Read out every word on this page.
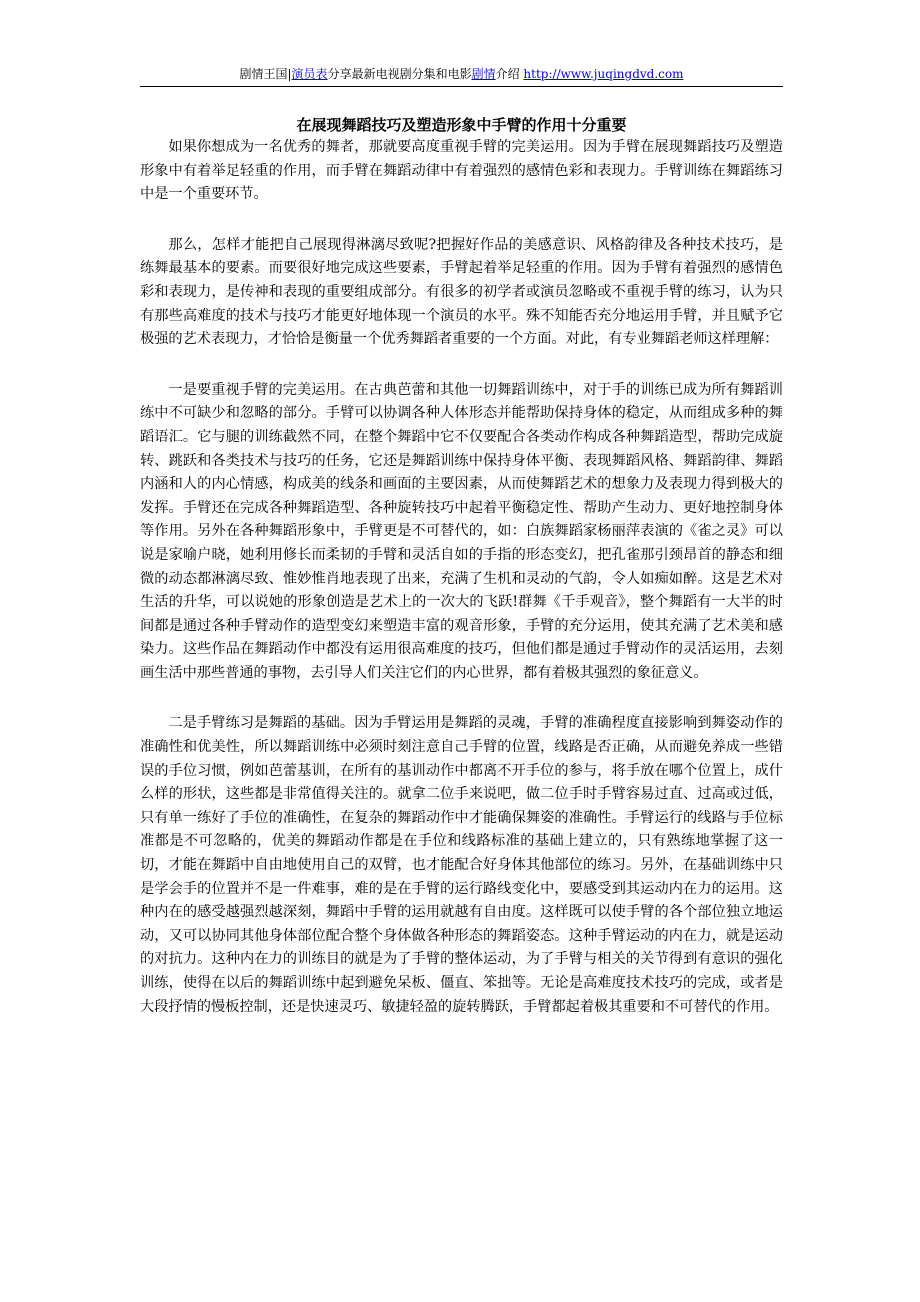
剧情王国|演员表分享最新电视剧分集和电影剧情介绍 http://www.juqingdvd.com
在展现舞蹈技巧及塑造形象中手臂的作用十分重要

如果你想成为一名优秀的舞者，那就要高度重视手臂的完美运用。因为手臂在展现舞蹈技巧及塑造形象中有着举足轻重的作用，而手臂在舞蹈动律中有着强烈的感情色彩和表现力。手臂训练在舞蹈练习中是一个重要环节。

那么，怎样才能把自己展现得淋漓尽致呢?把握好作品的美感意识、风格韵律及各种技术技巧，是练舞最基本的要素。而要很好地完成这些要素，手臂起着举足轻重的作用。因为手臂有着强烈的感情色彩和表现力，是传神和表现的重要组成部分。有很多的初学者或演员忽略或不重视手臂的练习，认为只有那些高难度的技术与技巧才能更好地体现一个演员的水平。殊不知能否充分地运用手臂，并且赋予它极强的艺术表现力，才恰恰是衡量一个优秀舞蹈者重要的一个方面。对此，有专业舞蹈老师这样理解：

一是要重视手臂的完美运用。在古典芭蕾和其他一切舞蹈训练中，对于手的训练已成为所有舞蹈训练中不可缺少和忽略的部分。手臂可以协调各种人体形态并能帮助保持身体的稳定，从而组成多种的舞蹈语汇。它与腿的训练截然不同，在整个舞蹈中它不仅要配合各类动作构成各种舞蹈造型，帮助完成旋转、跳跃和各类技术与技巧的任务，它还是舞蹈训练中保持身体平衡、表现舞蹈风格、舞蹈韵律、舞蹈内涵和人的内心情感，构成美的线条和画面的主要因素，从而使舞蹈艺术的想象力及表现力得到极大的发挥。手臂还在完成各种舞蹈造型、各种旋转技巧中起着平衡稳定性、帮助产生动力、更好地控制身体等作用。另外在各种舞蹈形象中，手臂更是不可替代的，如：白族舞蹈家杨丽萍表演的《雀之灵》可以说是家喻户晓，她利用修长而柔韧的手臂和灵活自如的手指的形态变幻，把孔雀那引颈昂首的静态和细微的动态都淋漓尽致、惟妙惟肖地表现了出来，充满了生机和灵动的气韵，令人如痴如醉。这是艺术对生活的升华，可以说她的形象创造是艺术上的一次大的飞跃!群舞《千手观音》，整个舞蹈有一大半的时间都是通过各种手臂动作的造型变幻来塑造丰富的观音形象，手臂的充分运用，使其充满了艺术美和感染力。这些作品在舞蹈动作中都没有运用很高难度的技巧，但他们都是通过手臂动作的灵活运用，去刻画生活中那些普通的事物，去引导人们关注它们的内心世界，都有着极其强烈的象征意义。

二是手臂练习是舞蹈的基础。因为手臂运用是舞蹈的灵魂，手臂的准确程度直接影响到舞姿动作的准确性和优美性，所以舞蹈训练中必须时刻注意自己手臂的位置，线路是否正确，从而避免养成一些错误的手位习惯，例如芭蕾基训，在所有的基训动作中都离不开手位的参与，将手放在哪个位置上，成什么样的形状，这些都是非常值得关注的。就拿二位手来说吧，做二位手时手臂容易过直、过高或过低，只有单一练好了手位的准确性，在复杂的舞蹈动作中才能确保舞姿的准确性。手臂运行的线路与手位标准都是不可忽略的，优美的舞蹈动作都是在手位和线路标准的基础上建立的，只有熟练地掌握了这一切，才能在舞蹈中自由地使用自己的双臂，也才能配合好身体其他部位的练习。另外，在基础训练中只是学会手的位置并不是一件难事，难的是在手臂的运行路线变化中，要感受到其运动内在力的运用。这种内在的感受越强烈越深刻，舞蹈中手臂的运用就越有自由度。这样既可以使手臂的各个部位独立地运动，又可以协同其他身体部位配合整个身体做各种形态的舞蹈姿态。这种手臂运动的内在力，就是运动的对抗力。这种内在力的训练目的就是为了手臂的整体运动，为了手臂与相关的关节得到有意识的强化训练，使得在以后的舞蹈训练中起到避免呆板、僵直、笨拙等。无论是高难度技术技巧的完成，或者是大段抒情的慢板控制，还是快速灵巧、敏捷轻盈的旋转腾跃，手臂都起着极其重要和不可替代的作用。
